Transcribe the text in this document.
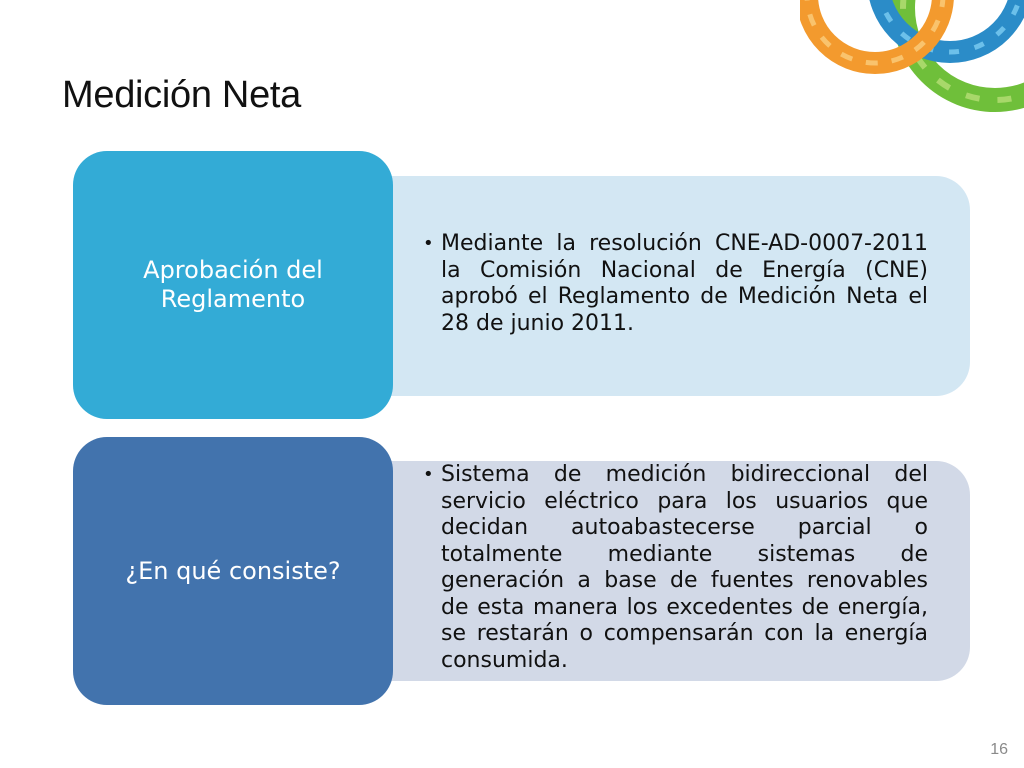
Medición Neta
Aprobación del Reglamento
• Mediante la resolución CNE-AD-0007-2011 la Comisión Nacional de Energía (CNE) aprobó el Reglamento de Medición Neta el 28 de junio 2011.
¿En qué consiste?
• Sistema de medición bidireccional del servicio eléctrico para los usuarios que decidan autoabastecerse parcial o totalmente mediante sistemas de generación a base de fuentes renovables de esta manera los excedentes de energía, se restarán o compensarán con la energía consumida.
16
